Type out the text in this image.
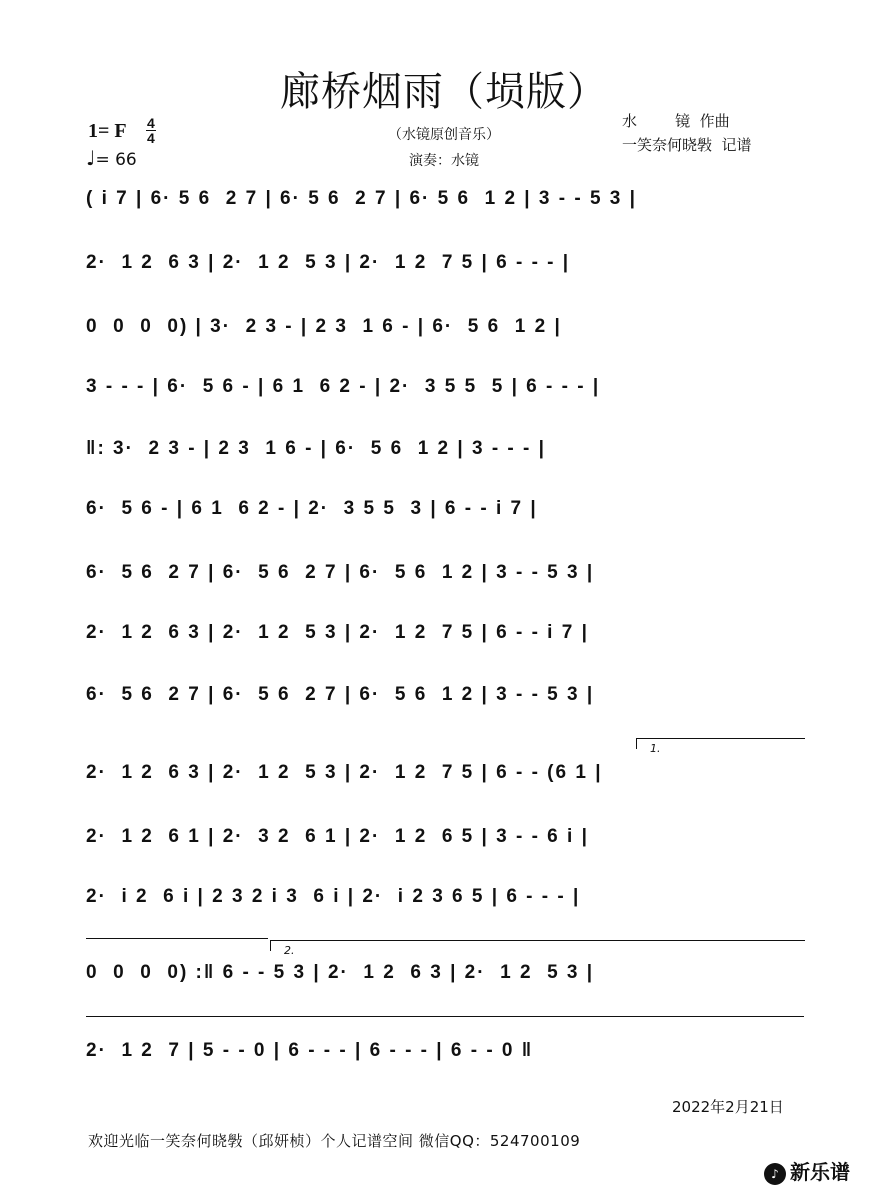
廊桥烟雨（埙版）
（水镜原创音乐）
演奏：水镜
水        镜  作曲
一笑奈何晓斅  记谱
1= F $\frac{4}{4}$
♩= 66
( i 7 | 6· 5 6  2 7 | 6· 5 6  2 7 | 6· 5 6  1 2 | 3 - - 5 3 |
2·  1 2  6 3 | 2·  1 2  5 3 | 2·  1 2  7 5 | 6 - - - |
0  0  0  0) | 3·  2 3 - | 2 3  1 6 - | 6·  5 6  1 2 |
3 - - - | 6·  5 6 - | 6 1  6 2 - | 2·  3 5 5  5 | 6 - - - |
‖: 3·  2 3 - | 2 3  1 6 - | 6·  5 6  1 2 | 3 - - - |
6·  5 6 - | 6 1  6 2 - | 2·  3 5 5  3 | 6 - - i 7 |
6·  5 6  2 7 | 6·  5 6  2 7 | 6·  5 6  1 2 | 3 - - 5 3 |
2·  1 2  6 3 | 2·  1 2  5 3 | 2·  1 2  7 5 | 6 - - i 7 |
6·  5 6  2 7 | 6·  5 6  2 7 | 6·  5 6  1 2 | 3 - - 5 3 |
2·  1 2  6 3 | 2·  1 2  5 3 | 2·  1 2  7 5 | 6 - - (6 1 |
2·  1 2  6 1 | 2·  3 2  6 1 | 2·  1 2  6 5 | 3 - - 6 i |
2·  i 2  6 i | 2 3 2 i 3  6 i | 2·  i 2 3 6 5 | 6 - - - |
0  0  0  0) :‖ 6 - - 5 3 | 2·  1 2  6 3 | 2·  1 2  5 3 |
2·  1 2  7 | 5 - - 0 | 6 - - - | 6 - - - | 6 - - 0 ‖
1.
2.
2022年2月21日
欢迎光临一笑奈何晓斅（邱妍桢）个人记谱空间 微信QQ：524700109
♪ 新乐谱
